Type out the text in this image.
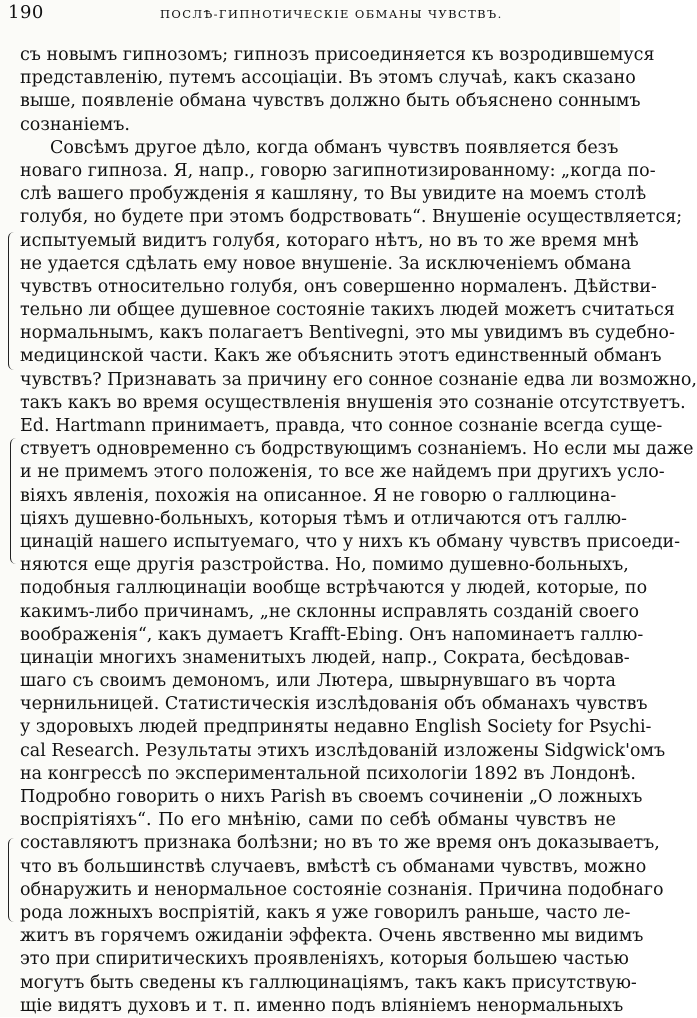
190	ПОСЛѢ-ГИПНОТИЧЕСКІЕ ОБМАНЫ ЧУВСТВЪ.
съ новымъ гипнозомъ; гипнозъ присоединяется къ возродившемуся
представленію, путемъ ассоціаціи. Въ этомъ случаѣ, какъ сказано
выше, появленіе обмана чувствъ должно быть объяснено соннымъ
сознаніемъ.
Совсѣмъ другое дѣло, когда обманъ чувствъ появляется безъ
новаго гипноза. Я, напр., говорю загипнотизированному: „когда по-
слѣ вашего пробужденія я кашляну, то Вы увидите на моемъ столѣ
голубя, но будете при этомъ бодрствовать“. Внушеніе осуществляется;
испытуемый видитъ голубя, котораго нѣтъ, но въ то же время мнѣ
не удается сдѣлать ему новое внушеніе. За исключеніемъ обмана
чувствъ относительно голубя, онъ совершенно нормаленъ. Дѣйстви-
тельно ли общее душевное состояніе такихъ людей можетъ считаться
нормальнымъ, какъ полагаетъ Bentivegni, это мы увидимъ въ судебно-
медицинской части. Какъ же объяснить этотъ единственный обманъ
чувствъ? Признавать за причину его сонное сознаніе едва ли возможно,
такъ какъ во время осуществленія внушенія это сознаніе отсутствуетъ.
Ed. Hartmann принимаетъ, правда, что сонное сознаніе всегда суще-
ствуетъ одновременно съ бодрствующимъ сознаніемъ. Но если мы даже
и не примемъ этого положенія, то все же найдемъ при другихъ усло-
віяхъ явленія, похожія на описанное. Я не говорю о галлюцина-
ціяхъ душевно-больныхъ, которыя тѣмъ и отличаются отъ галлю-
цинацій нашего испытуемаго, что у нихъ къ обману чувствъ присоеди-
няются еще другія разстройства. Но, помимо душевно-больныхъ,
подобныя галлюцинаціи вообще встрѣчаются у людей, которые, по
какимъ-либо причинамъ, „не склонны исправлять созданій своего
воображенія“, какъ думаетъ Krafft-Ebing. Онъ напоминаетъ галлю-
цинаціи многихъ знаменитыхъ людей, напр., Сократа, бесѣдовав-
шаго съ своимъ демономъ, или Лютера, швырнувшаго въ чорта
чернильницей. Статистическія изслѣдованія объ обманахъ чувствъ
у здоровыхъ людей предприняты недавно English Society for Psychi-
cal Research. Результаты этихъ изслѣдованій изложены Sidgwick'омъ
на конгрессѣ по экспериментальной психологіи 1892 въ Лондонѣ.
Подробно говорить о нихъ Parish въ своемъ сочиненіи „О ложныхъ
воспріятіяхъ“. По его мнѣнію, сами по себѣ обманы чувствъ не
составляютъ признака болѣзни; но въ то же время онъ доказываетъ,
что въ большинствѣ случаевъ, вмѣстѣ съ обманами чувствъ, можно
обнаружить и ненормальное состояніе сознанія. Причина подобнаго
рода ложныхъ воспріятій, какъ я уже говорилъ раньше, часто ле-
житъ въ горячемъ ожиданіи эффекта. Очень явственно мы видимъ
это при спиритическихъ проявленіяхъ, которыя большею частью
могутъ быть сведены къ галлюцинаціямъ, такъ какъ присутствую-
щіе видятъ духовъ и т. п. именно подъ вліяніемъ ненормальныхъ
